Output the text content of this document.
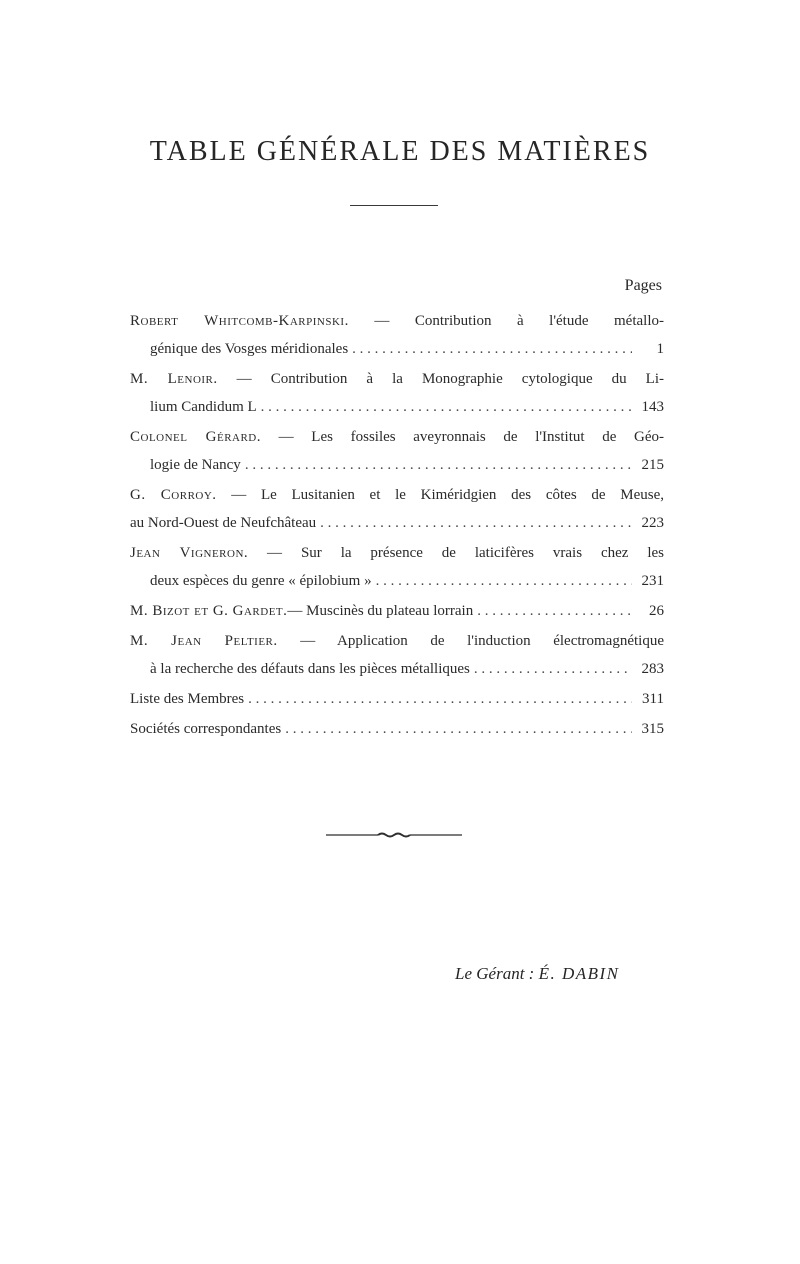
TABLE GÉNÉRALE DES MATIÈRES
Pages
Robert Whitcomb-Karpinski. — Contribution à l'étude métallo-
génique des Vosges méridionales . . .	1
M. Lenoir. — Contribution à la Monographie cytologique du Li-
lium Candidum L . . .	143
Colonel Gérard. — Les fossiles aveyronnais de l'Institut de Géo-
logie de Nancy . . .	215
G. Corroy. — Le Lusitanien et le Kiméridgien des côtes de Meuse,
au Nord-Ouest de Neufchâteau . . .	223
Jean Vigneron. — Sur la présence de laticifères vrais chez les
deux espèces du genre « épilobium » . . .	231
M. Bizot et G. Gardet. — Muscinès du plateau lorrain . . .	26
M. Jean Peltier. — Application de l'induction électromagnétique
à la recherche des défauts dans les pièces métalliques . . .	283
Liste des Membres . . .	311
Sociétés correspondantes . . .	315
Le Gérant : É. DABIN
